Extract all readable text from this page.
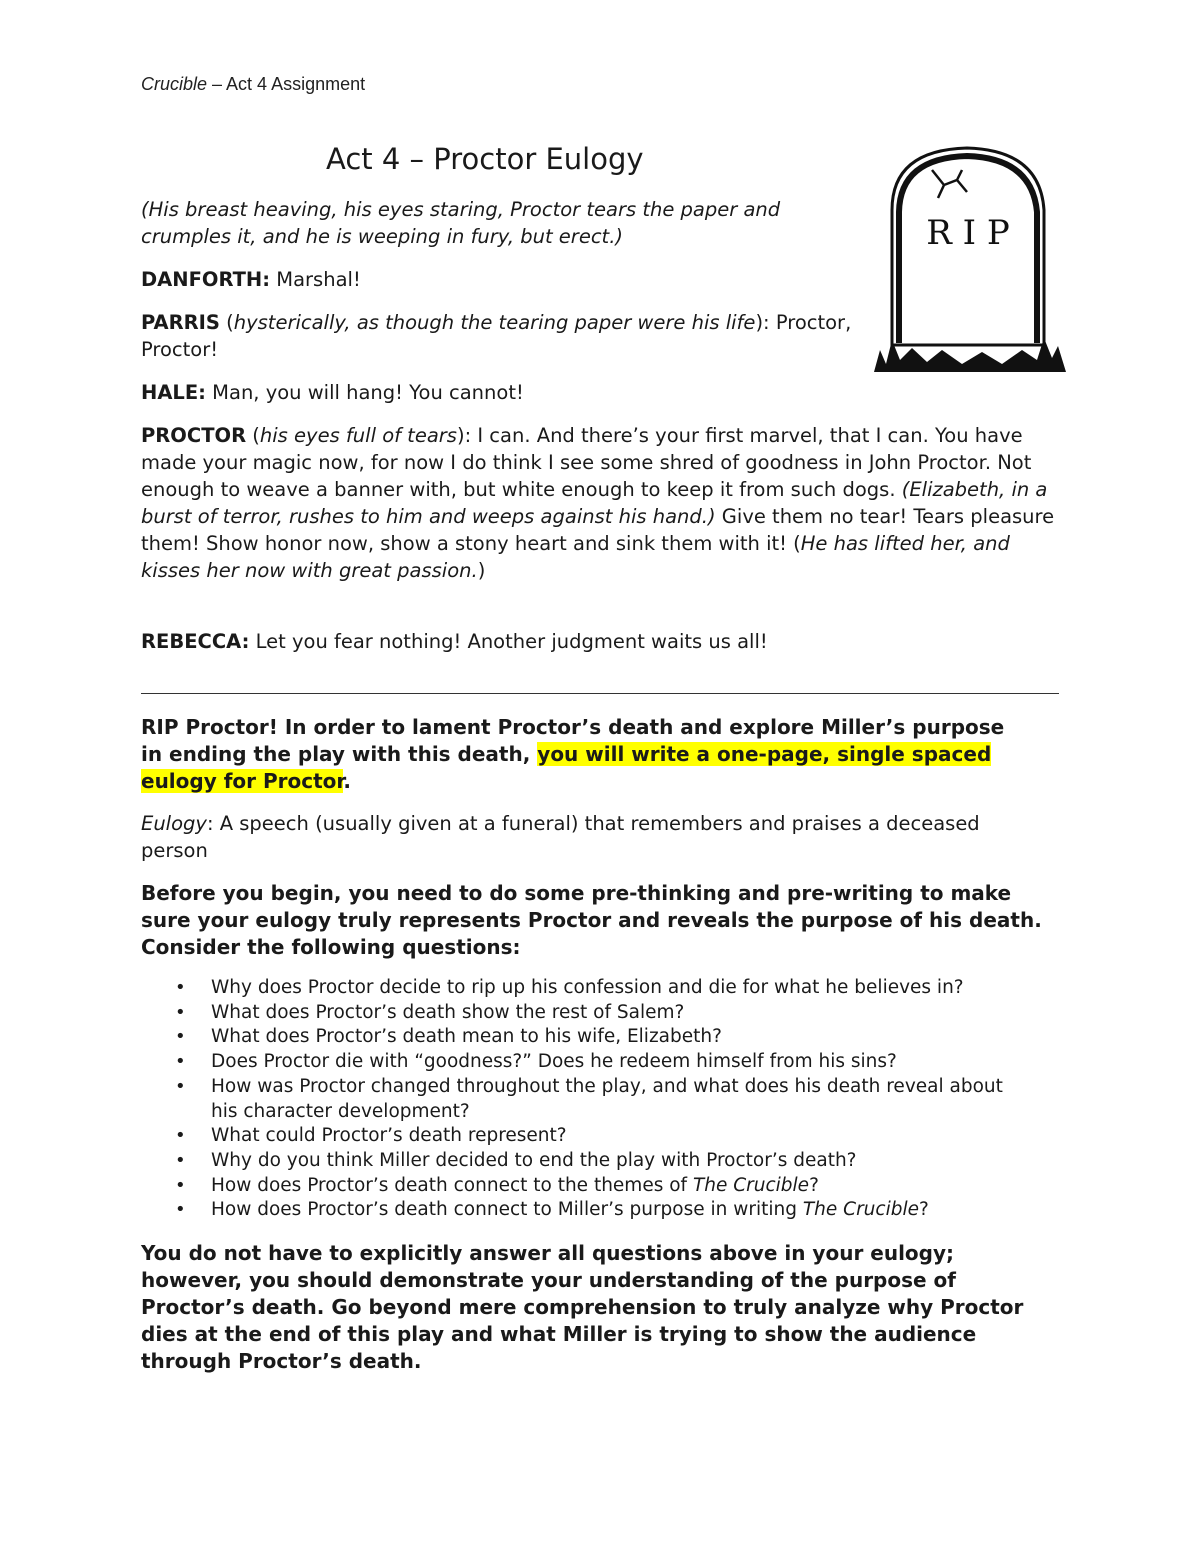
Crucible – Act 4 Assignment
Act 4 – Proctor Eulogy
R I P
(His breast heaving, his eyes staring, Proctor tears the paper and crumples it, and he is weeping in fury, but erect.)
DANFORTH: Marshal!
PARRIS (hysterically, as though the tearing paper were his life): Proctor, Proctor!
HALE: Man, you will hang! You cannot!
PROCTOR (his eyes full of tears): I can. And there’s your first marvel, that I can. You have made your magic now, for now I do think I see some shred of goodness in John Proctor. Not enough to weave a banner with, but white enough to keep it from such dogs. (Elizabeth, in a burst of terror, rushes to him and weeps against his hand.) Give them no tear! Tears pleasure them! Show honor now, show a stony heart and sink them with it! (He has lifted her, and kisses her now with great passion.)
REBECCA: Let you fear nothing! Another judgment waits us all!
RIP Proctor! In order to lament Proctor’s death and explore Miller’s purpose in ending the play with this death, you will write a one-page, single spaced eulogy for Proctor.
Eulogy: A speech (usually given at a funeral) that remembers and praises a deceased person
Before you begin, you need to do some pre-thinking and pre-writing to make sure your eulogy truly represents Proctor and reveals the purpose of his death. Consider the following questions:
• Why does Proctor decide to rip up his confession and die for what he believes in?
• What does Proctor’s death show the rest of Salem?
• What does Proctor’s death mean to his wife, Elizabeth?
• Does Proctor die with “goodness?” Does he redeem himself from his sins?
• How was Proctor changed throughout the play, and what does his death reveal about his character development?
• What could Proctor’s death represent?
• Why do you think Miller decided to end the play with Proctor’s death?
• How does Proctor’s death connect to the themes of The Crucible?
• How does Proctor’s death connect to Miller’s purpose in writing The Crucible?
You do not have to explicitly answer all questions above in your eulogy; however, you should demonstrate your understanding of the purpose of Proctor’s death. Go beyond mere comprehension to truly analyze why Proctor dies at the end of this play and what Miller is trying to show the audience through Proctor’s death.
